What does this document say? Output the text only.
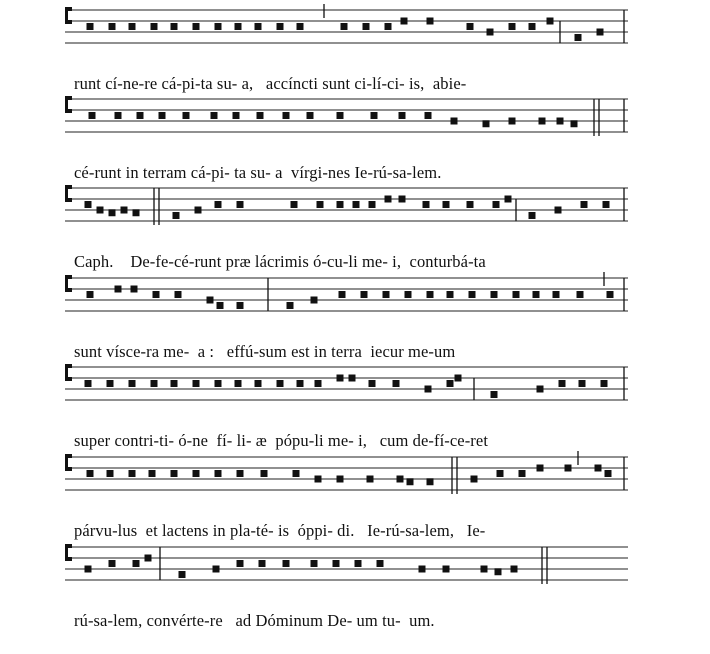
runt cí-ne-re cá-pi-ta su- a,   accíncti sunt ci-lí-ci- is,  abie-
cé-runt in terram cá-pi- ta su- a  vírgi-nes Ie-rú-sa-lem.
Caph.    De-fe-cé-runt præ lácrimis ó-cu-li me- i,  conturbá-ta
sunt vísce-ra me-  a :   effú-sum est in terra  iecur me-um
super contri-ti- ó-ne  fí- li- æ  pópu-li me- i,   cum de-fí-ce-ret
párvu-lus  et lactens in pla-té- is  óppi- di.   Ie-rú-sa-lem,   Ie-
rú-sa-lem, convérte-re   ad Dóminum De- um tu-  um.
